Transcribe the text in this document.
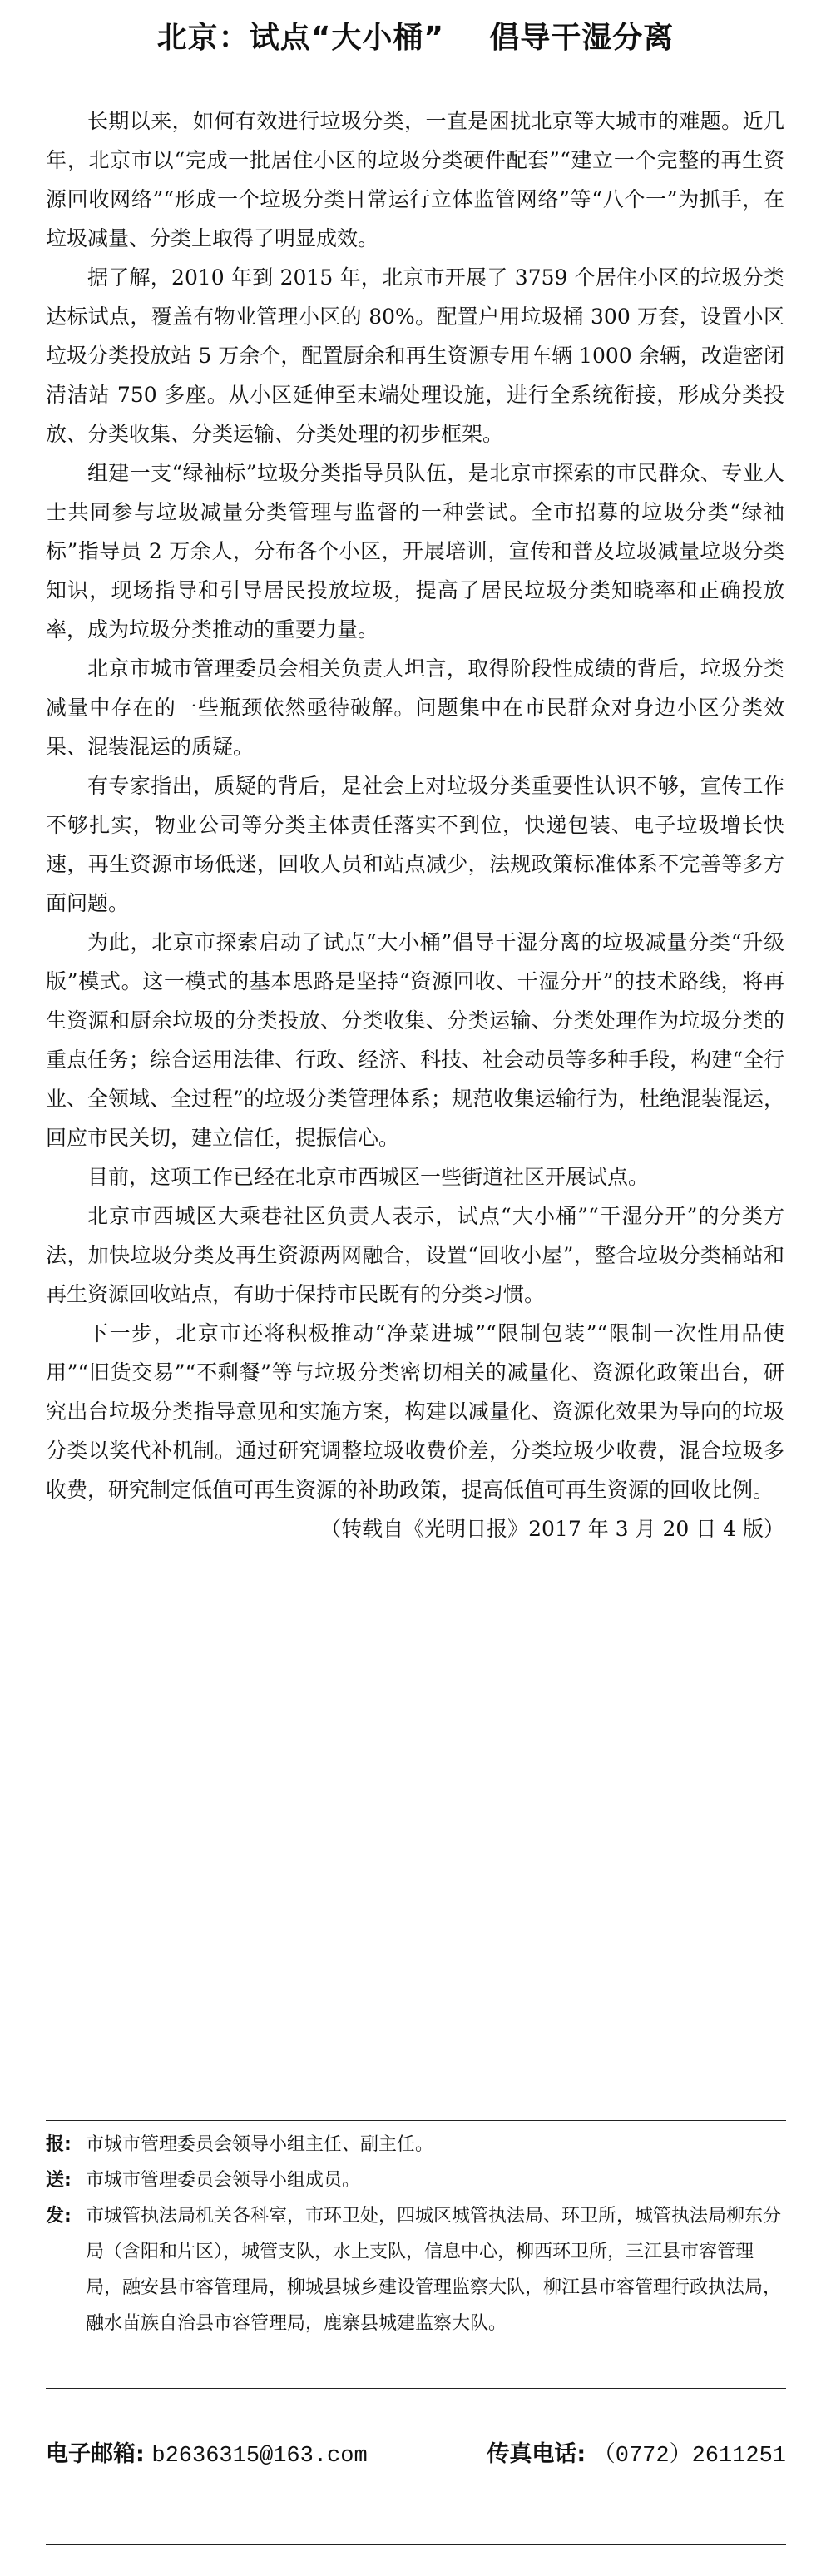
北京：试点“大小桶”    倡导干湿分离

长期以来，如何有效进行垃圾分类，一直是困扰北京等大城市的难题。近几年，北京市以“完成一批居住小区的垃圾分类硬件配套”“建立一个完整的再生资源回收网络”“形成一个垃圾分类日常运行立体监管网络”等“八个一”为抓手，在垃圾减量、分类上取得了明显成效。

据了解，2010 年到 2015 年，北京市开展了 3759 个居住小区的垃圾分类达标试点，覆盖有物业管理小区的 80%。配置户用垃圾桶 300 万套，设置小区垃圾分类投放站 5 万余个，配置厨余和再生资源专用车辆 1000 余辆，改造密闭清洁站 750 多座。从小区延伸至末端处理设施，进行全系统衔接，形成分类投放、分类收集、分类运输、分类处理的初步框架。

组建一支“绿袖标”垃圾分类指导员队伍，是北京市探索的市民群众、专业人士共同参与垃圾减量分类管理与监督的一种尝试。全市招募的垃圾分类“绿袖标”指导员 2 万余人，分布各个小区，开展培训，宣传和普及垃圾减量垃圾分类知识，现场指导和引导居民投放垃圾，提高了居民垃圾分类知晓率和正确投放率，成为垃圾分类推动的重要力量。

北京市城市管理委员会相关负责人坦言，取得阶段性成绩的背后，垃圾分类减量中存在的一些瓶颈依然亟待破解。问题集中在市民群众对身边小区分类效果、混装混运的质疑。

有专家指出，质疑的背后，是社会上对垃圾分类重要性认识不够，宣传工作不够扎实，物业公司等分类主体责任落实不到位，快递包装、电子垃圾增长快速，再生资源市场低迷，回收人员和站点减少，法规政策标准体系不完善等多方面问题。

为此，北京市探索启动了试点“大小桶”倡导干湿分离的垃圾减量分类“升级版”模式。这一模式的基本思路是坚持“资源回收、干湿分开”的技术路线，将再生资源和厨余垃圾的分类投放、分类收集、分类运输、分类处理作为垃圾分类的重点任务；综合运用法律、行政、经济、科技、社会动员等多种手段，构建“全行业、全领域、全过程”的垃圾分类管理体系；规范收集运输行为，杜绝混装混运，回应市民关切，建立信任，提振信心。

目前，这项工作已经在北京市西城区一些街道社区开展试点。

北京市西城区大乘巷社区负责人表示，试点“大小桶”“干湿分开”的分类方法，加快垃圾分类及再生资源两网融合，设置“回收小屋”，整合垃圾分类桶站和再生资源回收站点，有助于保持市民既有的分类习惯。

下一步，北京市还将积极推动“净菜进城”“限制包装”“限制一次性用品使用”“旧货交易”“不剩餐”等与垃圾分类密切相关的减量化、资源化政策出台，研究出台垃圾分类指导意见和实施方案，构建以减量化、资源化效果为导向的垃圾分类以奖代补机制。通过研究调整垃圾收费价差，分类垃圾少收费，混合垃圾多收费，研究制定低值可再生资源的补助政策，提高低值可再生资源的回收比例。

（转载自《光明日报》2017 年 3 月 20 日 4 版）

报: 市城市管理委员会领导小组主任、副主任。
送: 市城市管理委员会领导小组成员。
发: 市城管执法局机关各科室，市环卫处，四城区城管执法局、环卫所，城管执法局柳东分局（含阳和片区），城管支队，水上支队，信息中心，柳西环卫所，三江县市容管理局，融安县市容管理局，柳城县城乡建设管理监察大队，柳江县市容管理行政执法局，融水苗族自治县市容管理局，鹿寨县城建监察大队。
电子邮箱: b2636315@163.com	传真电话: （0772）2611251
